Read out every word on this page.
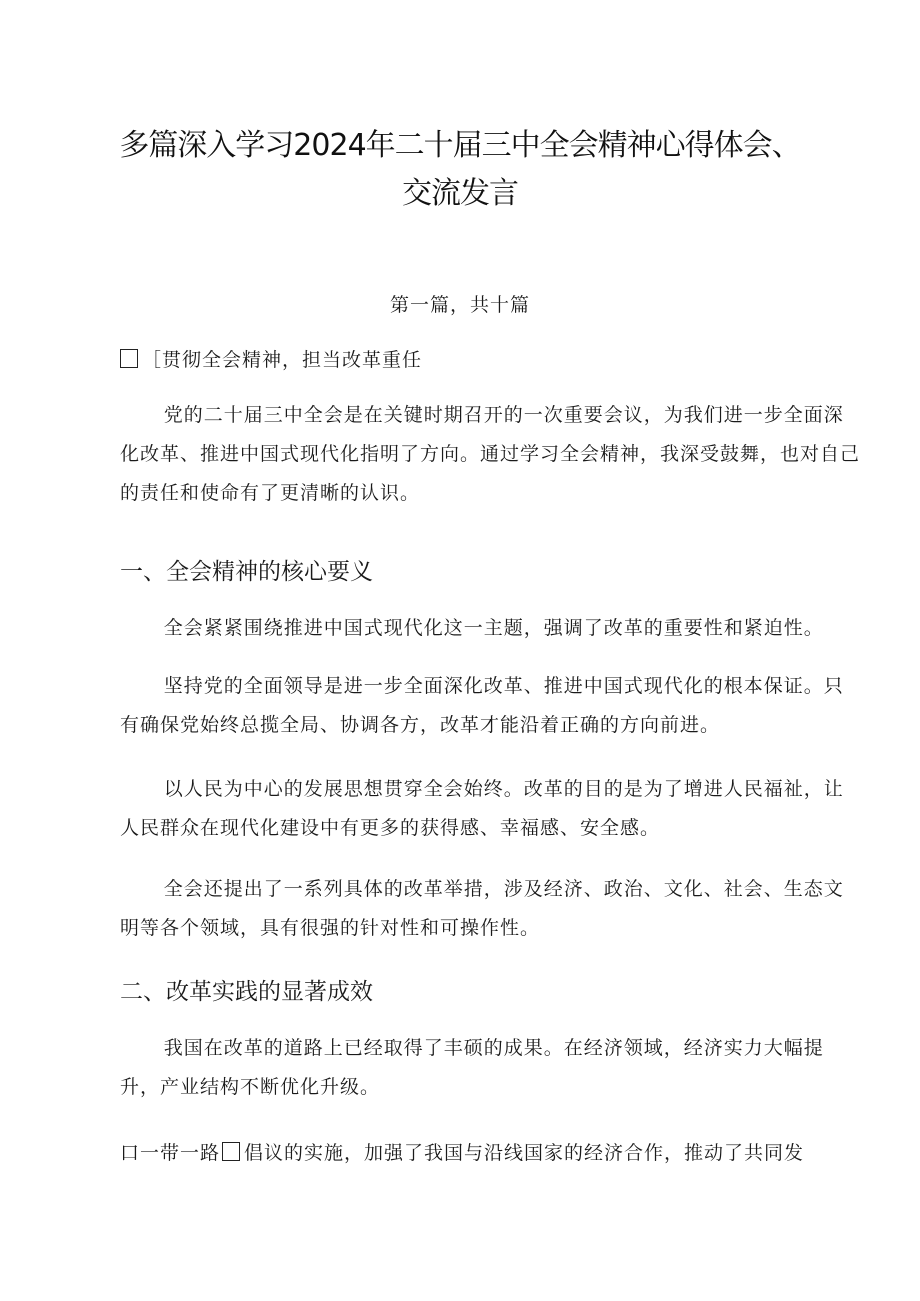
多篇深入学习2024年二十届三中全会精神心得体会、
交流发言
第一篇，共十篇
［贯彻全会精神，担当改革重任

党的二十届三中全会是在关键时期召开的一次重要会议，为我们进一步全面深化改革、推进中国式现代化指明了方向。通过学习全会精神，我深受鼓舞，也对自己的责任和使命有了更清晰的认识。

一、全会精神的核心要义

全会紧紧围绕推进中国式现代化这一主题，强调了改革的重要性和紧迫性。

坚持党的全面领导是进一步全面深化改革、推进中国式现代化的根本保证。只有确保党始终总揽全局、协调各方，改革才能沿着正确的方向前进。

以人民为中心的发展思想贯穿全会始终。改革的目的是为了增进人民福祉，让人民群众在现代化建设中有更多的获得感、幸福感、安全感。

全会还提出了一系列具体的改革举措，涉及经济、政治、文化、社会、生态文明等各个领域，具有很强的针对性和可操作性。

二、改革实践的显著成效

我国在改革的道路上已经取得了丰硕的成果。在经济领域，经济实力大幅提升，产业结构不断优化升级。

口一带一路 倡议的实施，加强了我国与沿线国家的经济合作，推动了共同发
